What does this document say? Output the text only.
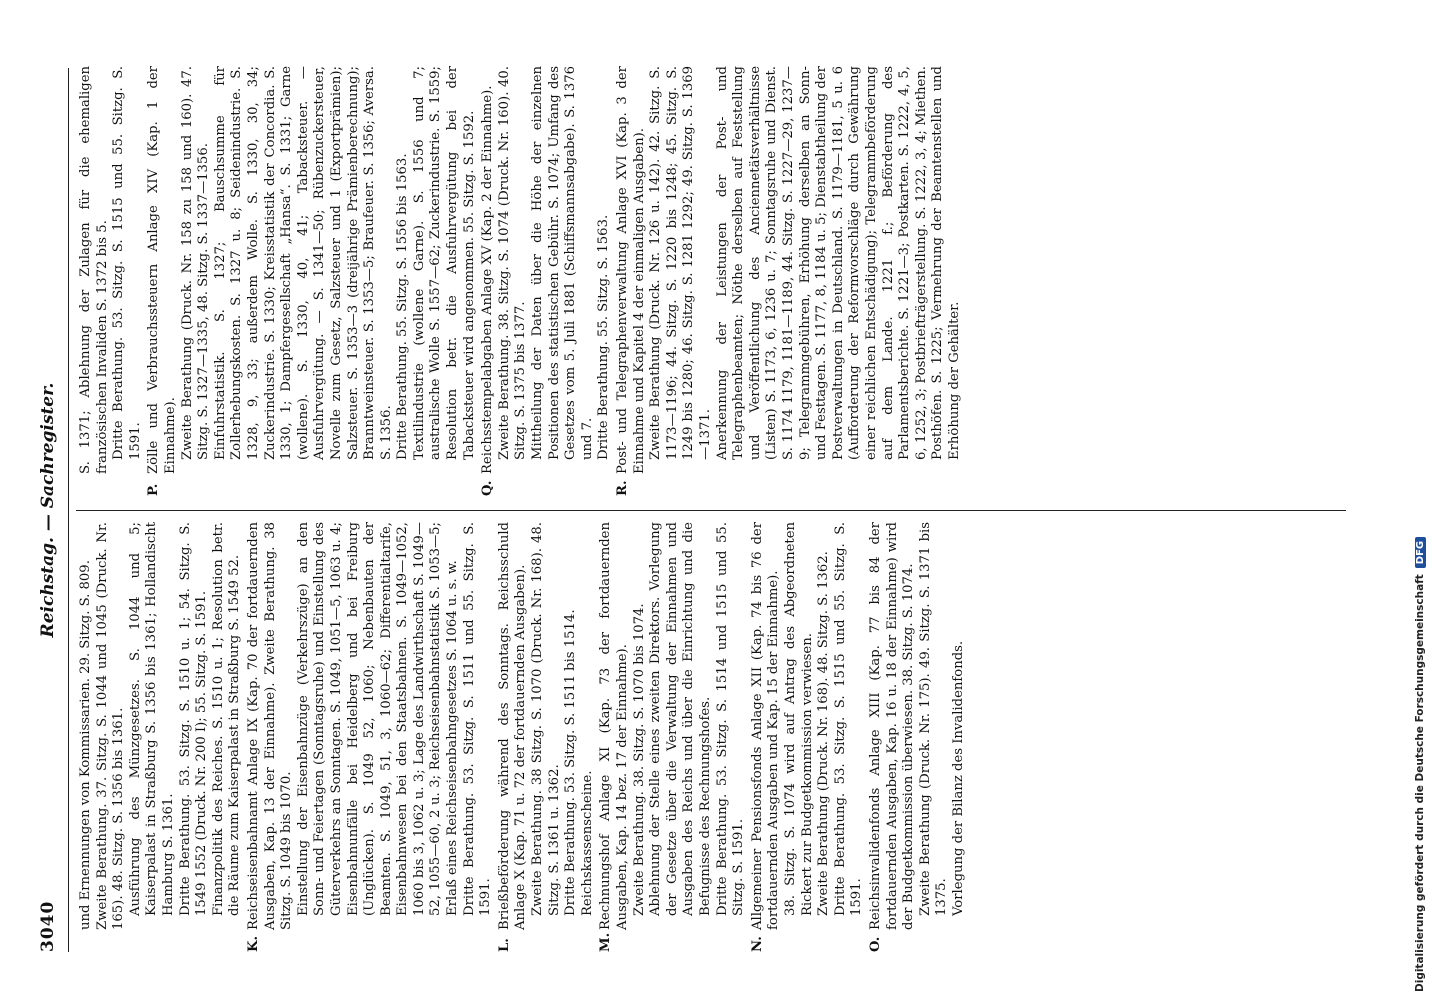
3040
Reichstag. — Sachregister.

und Ernennungen von Kommissarien. 29. Sitzg. S. 809. Zweite Berathung. 37. Sitzg. S. 1044 und 1045 (Druck. Nr. 165). 48. Sitzg. S. 1356 bis 1361. Ausführung des Münzgesetzes. S. 1044 und 5; Kaiserpalast in Straßburg S. 1356 bis 1361; Hollandischt Hamburg S. 1361. Dritte Berathung. 53. Sitzg. S. 1510 u. 1; 54. Sitzg. S. 1549 1552 (Druck. Nr. 200 I); 55. Sitzg. S. 1591. Finanzpolitik des Reiches. S. 1510 u. 1; Resolution betr. die Räume zum Kaiserpalast in Straßburg S. 1549 52.

K.

Reichseisenbahnamt Anlage IX (Kap. 70 der fortdauernden Ausgaben, Kap. 13 der Einnahme). Zweite Berathung. 38 Sitzg. S. 1049 bis 1070. Einstellung der Eisenbahnzüge (Verkehrszüge) an den Sonn- und Feiertagen (Sonntagsruhe) und Einstellung des Güterverkehrs an Sonntagen. S. 1049, 1051—5, 1063 u. 4; Eisenbahnunfälle bei Heidelberg und bei Freiburg (Unglücken). S. 1049 52, 1060; Nebenbauten der Beamten. S. 1049, 51, 3, 1060—62; Differentialtarife, Eisenbahnwesen bei den Staatsbahnen. S. 1049—1052, 1060 bis 3, 1062 u. 3; Lage des Landwirthschaft S. 1049—52, 1055—60, 2 u. 3; Reichseisenbahnstatistik S. 1053—5; Erlaß eines Reichseisenbahngesetzes S. 1064 u. s. w. Dritte Berathung. 53. Sitzg. S. 1511 und 55. Sitzg. S. 1591.

L.

Brießbeförderung während des Sonntags. Reichsschuld Anlage X (Kap. 71 u. 72 der fortdauernden Ausgaben). Zweite Berathung. 38 Sitzg. S. 1070 (Druck. Nr. 168). 48. Sitzg. S. 1361 u. 1362. Dritte Berathung. 53. Sitzg. S. 1511 bis 1514. Reichskassenscheine.

M.

Rechnungshof Anlage XI (Kap. 73 der fortdauernden Ausgaben, Kap. 14 bez. 17 der Einnahme). Zweite Berathung. 38. Sitzg. S. 1070 bis 1074. Ablehnung der Stelle eines zweiten Direktors. Vorlegung der Gesetze über die Verwaltung der Einnahmen und Ausgaben des Reichs und über die Einrichtung und die Befugnisse des Rechnungshofes. Dritte Berathung. 53. Sitzg. S. 1514 und 1515 und 55. Sitzg. S. 1591.

N.

Allgemeiner Pensionsfonds Anlage XII (Kap. 74 bis 76 der fortdauernden Ausgaben und Kap. 15 der Einnahme). 38. Sitzg. S. 1074 wird auf Antrag des Abgeordneten Rickert zur Budgetkommission verwiesen. Zweite Berathung (Druck. Nr. 168). 48. Sitzg. S. 1362. Dritte Berathung. 53. Sitzg. S. 1515 und 55. Sitzg. S. 1591.

O.

Reichsinvalidenfonds Anlage XIII (Kap. 77 bis 84 der fortdauernden Ausgaben, Kap. 16 u. 18 der Einnahme) wird der Budgetkommission überwiesen. 38. Sitzg. S. 1074. Zweite Berathung (Druck. Nr. 175). 49. Sitzg. S. 1371 bis 1375. Vorlegung der Bilanz des Invalidenfonds.

S. 1371; Ablehnung der Zulagen für die ehemaligen französischen Invaliden S. 1372 bis 5. Dritte Berathung. 53. Sitzg. S. 1515 und 55. Sitzg. S. 1591.

P.

Zölle und Verbrauchssteuern Anlage XIV (Kap. 1 der Einnahme). Zweite Berathung (Druck. Nr. 158 zu 158 und 160). 47. Sitzg. S. 1327—1335, 48. Sitzg. S. 1337—1356. Einfuhrstatistik. S. 1327; Bauschsumme für Zollerhebungskosten. S. 1327 u. 8; Seidenindustrie. S. 1328, 9, 33; außerdem Wolle. S. 1330, 30, 34; Zuckerindustrie. S. 1330; Kreisstatistik der Concordia. S. 1330, 1; Dampfergesellschaft „Hansa“. S. 1331; Garne (wollene). S. 1330, 40, 41; Tabacksteuer. — Ausfuhrvergütung. — S. 1341—50; Rübenzuckersteuer, Novelle zum Gesetz, Salzsteuer und 1 (Exportprämien); Salzsteuer. S. 1353—3 (dreijährige Prämienberechnung); Branntweinsteuer. S. 1353—5; Braufeuer. S. 1356; Aversa. S. 1356. Dritte Berathung. 55. Sitzg. S. 1556 bis 1563. Textilindustrie (wollene Garne). S. 1556 und 7; australische Wolle S. 1557—62; Zuckerindustrie. S. 1559; Resolution betr. die Ausfuhrvergütung bei der Tabacksteuer wird angenommen. 55. Sitzg. S. 1592.

Q.

Reichsstempelabgaben Anlage XV (Kap. 2 der Einnahme). Zweite Berathung. 38. Sitzg. S. 1074 (Druck. Nr. 160). 40. Sitzg. S. 1375 bis 1377. Mittheilung der Daten über die Höhe der einzelnen Positionen des statistischen Gebühr. S. 1074; Umfang des Gesetzes vom 5. Juli 1881 (Schiffsmannsabgabe). S. 1376 und 7. Dritte Berathung. 55. Sitzg. S. 1563.

R.

Post- und Telegraphenverwaltung Anlage XVI (Kap. 3 der Einnahme und Kapitel 4 der einmaligen Ausgaben). Zweite Berathung (Druck. Nr. 126 u. 142). 42. Sitzg. S. 1173—1196; 44. Sitzg. S. 1220 bis 1248; 45. Sitzg. S. 1249 bis 1280; 46. Sitzg. S. 1281 1292; 49. Sitzg. S. 1369—1371. Anerkennung der Leistungen der Post- und Telegraphenbeamten; Nöthe derselben auf Feststellung und Veröffentlichung des Anciennetätsverhältnisse (Listen) S. 1173, 6, 1236 u. 7; Sonntagsruhe und Dienst. S. 1174 1179, 1181—1189, 44. Sitzg. S. 1227—29, 1237—9; Telegrammgebühren, Erhöhung derselben an Sonn- und Festtagen. S. 1177, 8, 1184 u. 5; Dienstabtheilung der Postverwaltungen in Deutschland. S. 1179—1181, 5 u. 6 (Aufforderung der Reformvorschläge durch Gewährung einer reichlichen Entschädigung); Telegrammbeförderung auf dem Lande. 1221 f.; Beförderung des Parlamentsberichte. S. 1221—3; Postkarten. S. 1222, 4, 5, 6, 1252, 3; Postbriefträgerstellung. S. 1222, 3, 4; Miethen. Posthöfen. S. 1225; Vermehrung der Beamtenstellen und Erhöhung der Gehälter.

Digitalisierung gefördert durch die Deutsche Forschungsgemeinschaft
DFG
